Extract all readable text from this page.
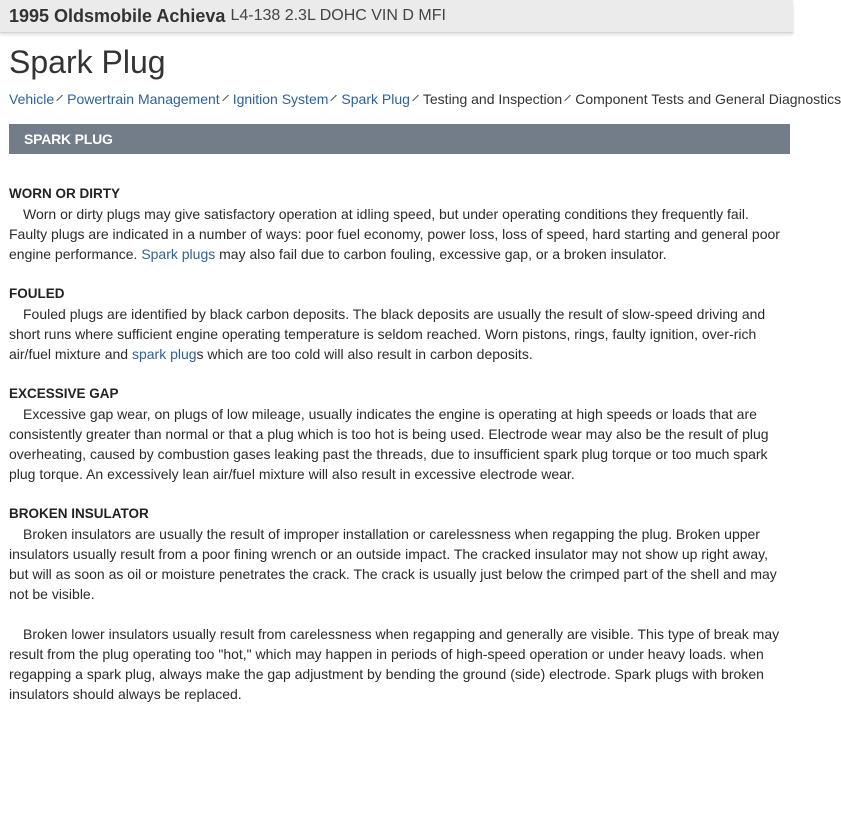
1995 Oldsmobile Achieva L4-138 2.3L DOHC VIN D MFI
Spark Plug
Vehicle Powertrain Management Ignition System Spark Plug Testing and Inspection Component Tests and General Diagnostics
SPARK PLUG

WORN OR DIRTY

Worn or dirty plugs may give satisfactory operation at idling speed, but under operating conditions they frequently fail. Faulty plugs are indicated in a number of ways: poor fuel economy, power loss, loss of speed, hard starting and general poor engine performance. Spark plugs may also fail due to carbon fouling, excessive gap, or a broken insulator.

FOULED

Fouled plugs are identified by black carbon deposits. The black deposits are usually the result of slow-speed driving and short runs where sufficient engine operating temperature is seldom reached. Worn pistons, rings, faulty ignition, over-rich air/fuel mixture and spark plugs which are too cold will also result in carbon deposits.

EXCESSIVE GAP

Excessive gap wear, on plugs of low mileage, usually indicates the engine is operating at high speeds or loads that are consistently greater than normal or that a plug which is too hot is being used. Electrode wear may also be the result of plug overheating, caused by combustion gases leaking past the threads, due to insufficient spark plug torque or too much spark plug torque. An excessively lean air/fuel mixture will also result in excessive electrode wear.

BROKEN INSULATOR

Broken insulators are usually the result of improper installation or carelessness when regapping the plug. Broken upper insulators usually result from a poor fining wrench or an outside impact. The cracked insulator may not show up right away, but will as soon as oil or moisture penetrates the crack. The crack is usually just below the crimped part of the shell and may not be visible.

Broken lower insulators usually result from carelessness when regapping and generally are visible. This type of break may result from the plug operating too "hot," which may happen in periods of high-speed operation or under heavy loads. when regapping a spark plug, always make the gap adjustment by bending the ground (side) electrode. Spark plugs with broken insulators should always be replaced.
